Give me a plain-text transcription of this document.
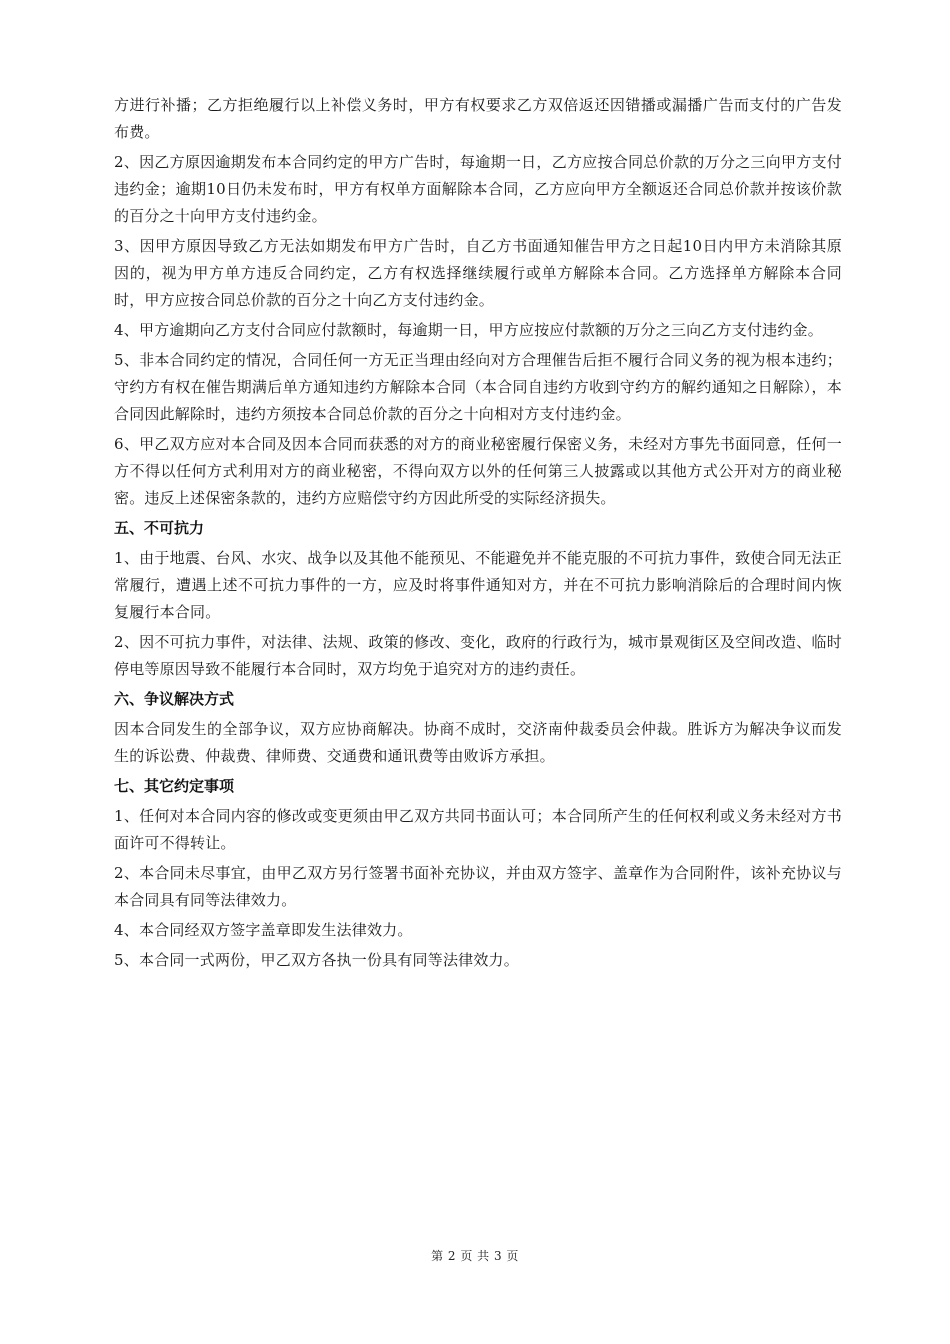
方进行补播；乙方拒绝履行以上补偿义务时，甲方有权要求乙方双倍返还因错播或漏播广告而支付的广告发布费。

2、因乙方原因逾期发布本合同约定的甲方广告时，每逾期一日，乙方应按合同总价款的万分之三向甲方支付违约金；逾期10日仍未发布时，甲方有权单方面解除本合同，乙方应向甲方全额返还合同总价款并按该价款的百分之十向甲方支付违约金。

3、因甲方原因导致乙方无法如期发布甲方广告时，自乙方书面通知催告甲方之日起10日内甲方未消除其原因的，视为甲方单方违反合同约定，乙方有权选择继续履行或单方解除本合同。乙方选择单方解除本合同时，甲方应按合同总价款的百分之十向乙方支付违约金。

4、甲方逾期向乙方支付合同应付款额时，每逾期一日，甲方应按应付款额的万分之三向乙方支付违约金。

5、非本合同约定的情况，合同任何一方无正当理由经向对方合理催告后拒不履行合同义务的视为根本违约；守约方有权在催告期满后单方通知违约方解除本合同（本合同自违约方收到守约方的解约通知之日解除），本合同因此解除时，违约方须按本合同总价款的百分之十向相对方支付违约金。

6、甲乙双方应对本合同及因本合同而获悉的对方的商业秘密履行保密义务，未经对方事先书面同意，任何一方不得以任何方式利用对方的商业秘密，不得向双方以外的任何第三人披露或以其他方式公开对方的商业秘密。违反上述保密条款的，违约方应赔偿守约方因此所受的实际经济损失。

五、不可抗力

1、由于地震、台风、水灾、战争以及其他不能预见、不能避免并不能克服的不可抗力事件，致使合同无法正常履行，遭遇上述不可抗力事件的一方，应及时将事件通知对方，并在不可抗力影响消除后的合理时间内恢复履行本合同。

2、因不可抗力事件，对法律、法规、政策的修改、变化，政府的行政行为，城市景观街区及空间改造、临时停电等原因导致不能履行本合同时，双方均免于追究对方的违约责任。

六、争议解决方式

因本合同发生的全部争议，双方应协商解决。协商不成时，交济南仲裁委员会仲裁。胜诉方为解决争议而发生的诉讼费、仲裁费、律师费、交通费和通讯费等由败诉方承担。

七、其它约定事项

1、任何对本合同内容的修改或变更须由甲乙双方共同书面认可；本合同所产生的任何权利或义务未经对方书面许可不得转让。

2、本合同未尽事宜，由甲乙双方另行签署书面补充协议，并由双方签字、盖章作为合同附件，该补充协议与本合同具有同等法律效力。

4、本合同经双方签字盖章即发生法律效力。

5、本合同一式两份，甲乙双方各执一份具有同等法律效力。

第 2 页 共 3 页
